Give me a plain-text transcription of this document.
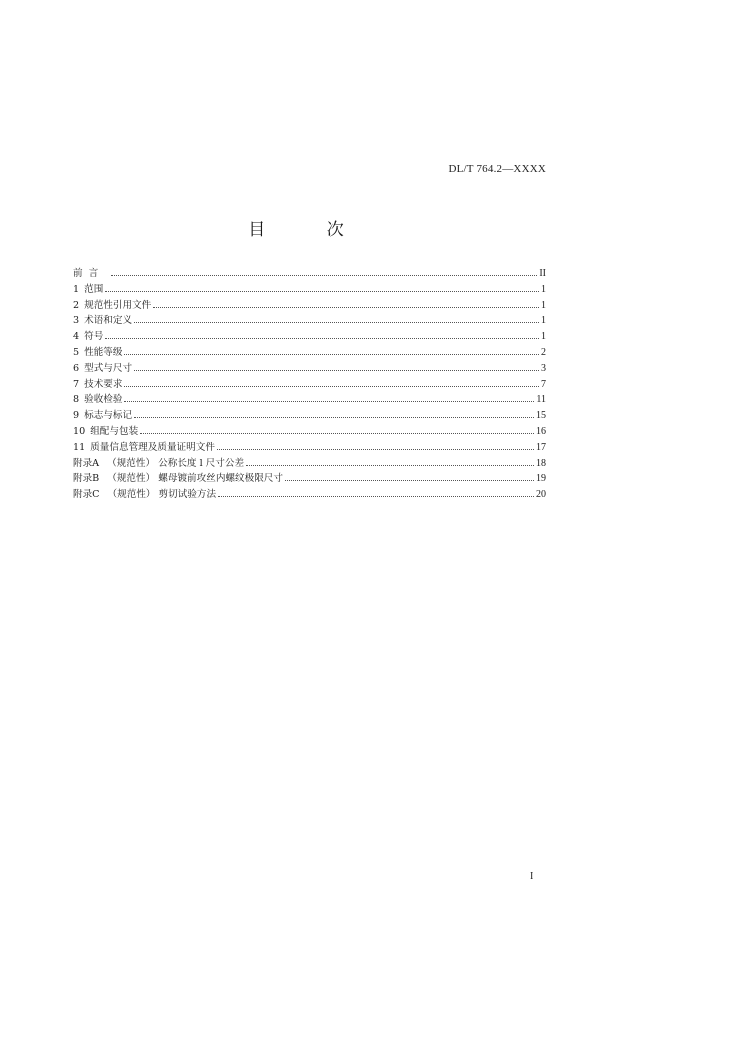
DL/T 764.2—XXXX
目 次
前言	II
1 范围	1
2 规范性引用文件	1
3 术语和定义	1
4 符号	1
5 性能等级	2
6 型式与尺寸	3
7 技术要求	7
8 验收检验	11
9 标志与标记	15
10 组配与包装	16
11 质量信息管理及质量证明文件	17
附录A （规范性） 公称长度 l 尺寸公差	18
附录B （规范性） 螺母镀前攻丝内螺纹极限尺寸	19
附录C （规范性） 剪切试验方法	20
I
